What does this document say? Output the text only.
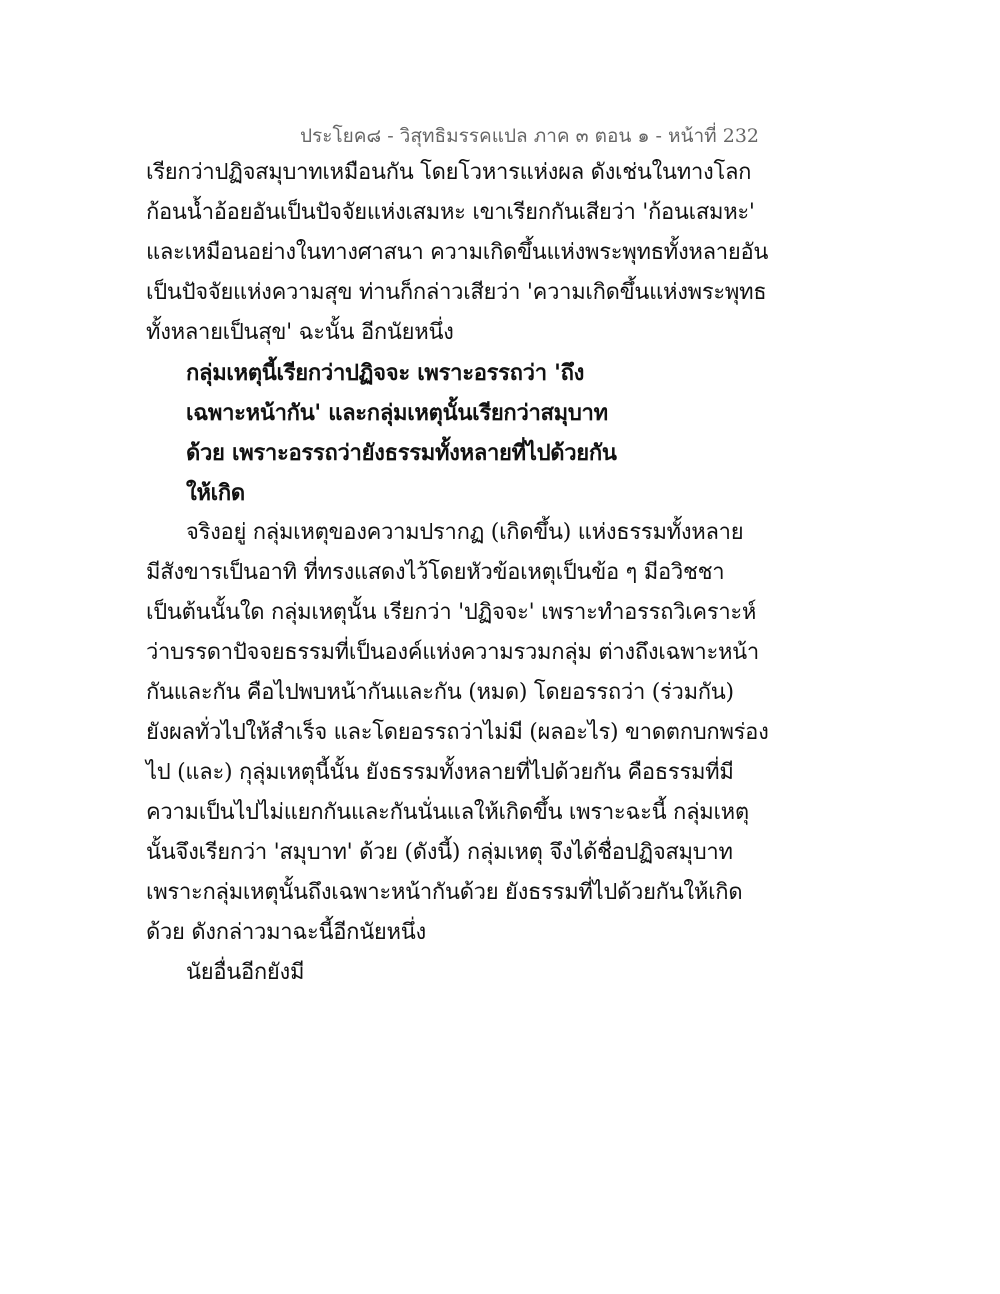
ประโยค๘ - วิสุทธิมรรคแปล ภาค ๓ ตอน ๑ - หน้าที่ 232
เรียกว่าปฏิจสมุบาทเหมือนกัน โดยโวหารแห่งผล ดังเช่นในทางโลก
ก้อนน้ำอ้อยอันเป็นปัจจัยแห่งเสมหะ เขาเรียกกันเสียว่า 'ก้อนเสมหะ'
และเหมือนอย่างในทางศาสนา ความเกิดขึ้นแห่งพระพุทธทั้งหลายอัน
เป็นปัจจัยแห่งความสุข ท่านก็กล่าวเสียว่า 'ความเกิดขึ้นแห่งพระพุทธ
ทั้งหลายเป็นสุข' ฉะนั้น อีกนัยหนึ่ง
กลุ่มเหตุนี้เรียกว่าปฏิจจะ เพราะอรรถว่า 'ถึง
เฉพาะหน้ากัน' และกลุ่มเหตุนั้นเรียกว่าสมุบาท
ด้วย เพราะอรรถว่ายังธรรมทั้งหลายที่ไปด้วยกัน
ให้เกิด
จริงอยู่ กลุ่มเหตุของความปรากฏ (เกิดขึ้น) แห่งธรรมทั้งหลาย
มีสังขารเป็นอาทิ ที่ทรงแสดงไว้โดยหัวข้อเหตุเป็นข้อ ๆ มีอวิชชา
เป็นต้นนั้นใด กลุ่มเหตุนั้น เรียกว่า 'ปฏิจจะ' เพราะทำอรรถวิเคราะห์
ว่าบรรดาปัจจยธรรมที่เป็นองค์แห่งความรวมกลุ่ม ต่างถึงเฉพาะหน้า
กันและกัน คือไปพบหน้ากันและกัน (หมด) โดยอรรถว่า (ร่วมกัน)
ยังผลทั่วไปให้สำเร็จ และโดยอรรถว่าไม่มี (ผลอะไร) ขาดตกบกพร่อง
ไป (และ) กุลุ่มเหตุนี้นั้น ยังธรรมทั้งหลายที่ไปด้วยกัน คือธรรมที่มี
ความเป็นไปไม่แยกกันและกันนั่นแลให้เกิดขึ้น เพราะฉะนี้ กลุ่มเหตุ
นั้นจึงเรียกว่า 'สมุบาท' ด้วย (ดังนี้) กลุ่มเหตุ จึงได้ชื่อปฏิจสมุบาท
เพราะกลุ่มเหตุนั้นถึงเฉพาะหน้ากันด้วย ยังธรรมที่ไปด้วยกันให้เกิด
ด้วย ดังกล่าวมาฉะนี้อีกนัยหนึ่ง
นัยอื่นอีกยังมี
